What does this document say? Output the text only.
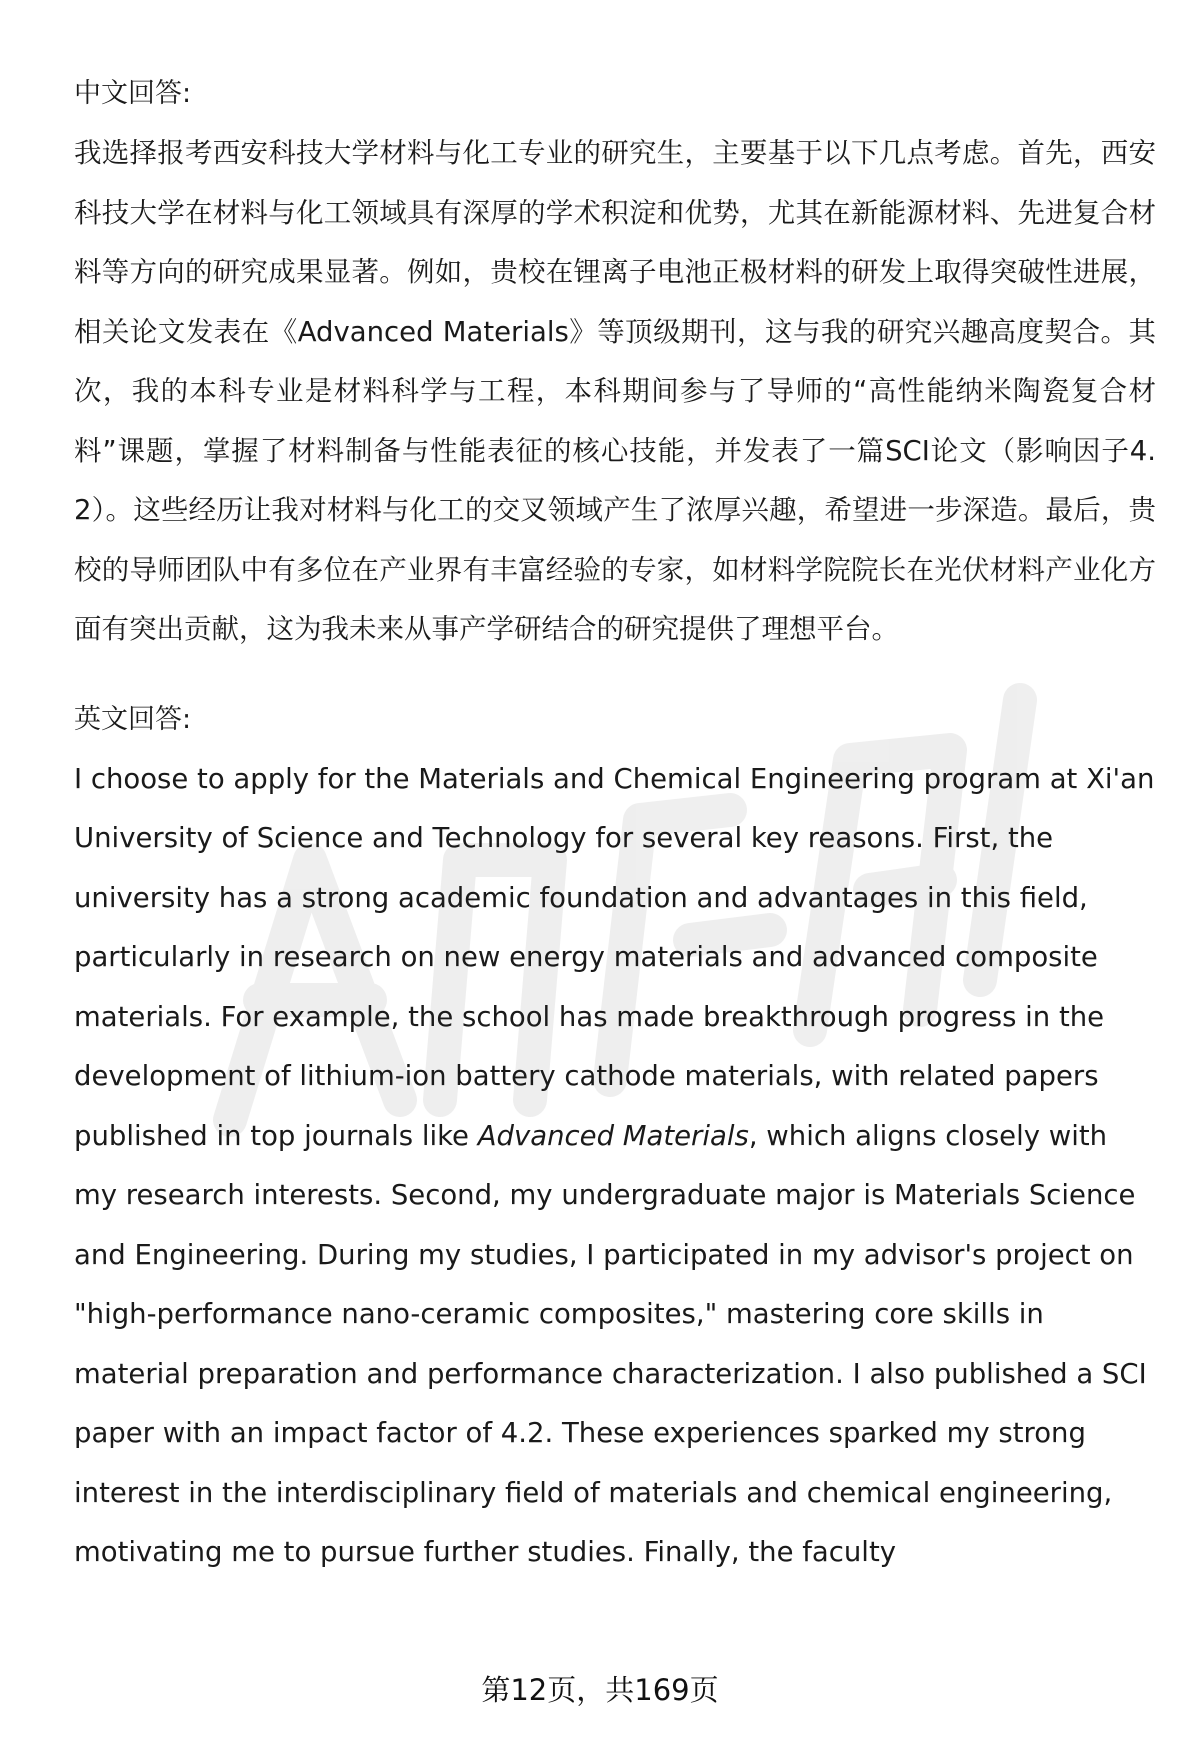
中文回答:

我选择报考西安科技大学材料与化工专业的研究生，主要基于以下几点考虑。首先，西安科技大学在材料与化工领域具有深厚的学术积淀和优势，尤其在新能源材料、先进复合材料等方向的研究成果显著。例如，贵校在锂离子电池正极材料的研发上取得突破性进展，相关论文发表在《Advanced Materials》等顶级期刊，这与我的研究兴趣高度契合。其次，我的本科专业是材料科学与工程，本科期间参与了导师的“高性能纳米陶瓷复合材料”课题，掌握了材料制备与性能表征的核心技能，并发表了一篇SCI论文（影响因子4.2）。这些经历让我对材料与化工的交叉领域产生了浓厚兴趣，希望进一步深造。最后，贵校的导师团队中有多位在产业界有丰富经验的专家，如材料学院院长在光伏材料产业化方面有突出贡献，这为我未来从事产学研结合的研究提供了理想平台。

英文回答:

I choose to apply for the Materials and Chemical Engineering program at Xi'an University of Science and Technology for several key reasons. First, the university has a strong academic foundation and advantages in this field, particularly in research on new energy materials and advanced composite materials. For example, the school has made breakthrough progress in the development of lithium-ion battery cathode materials, with related papers published in top journals like Advanced Materials, which aligns closely with my research interests. Second, my undergraduate major is Materials Science and Engineering. During my studies, I participated in my advisor's project on "high-performance nano-ceramic composites," mastering core skills in material preparation and performance characterization. I also published a SCI paper with an impact factor of 4.2. These experiences sparked my strong interest in the interdisciplinary field of materials and chemical engineering, motivating me to pursue further studies. Finally, the faculty

第12页，共169页
